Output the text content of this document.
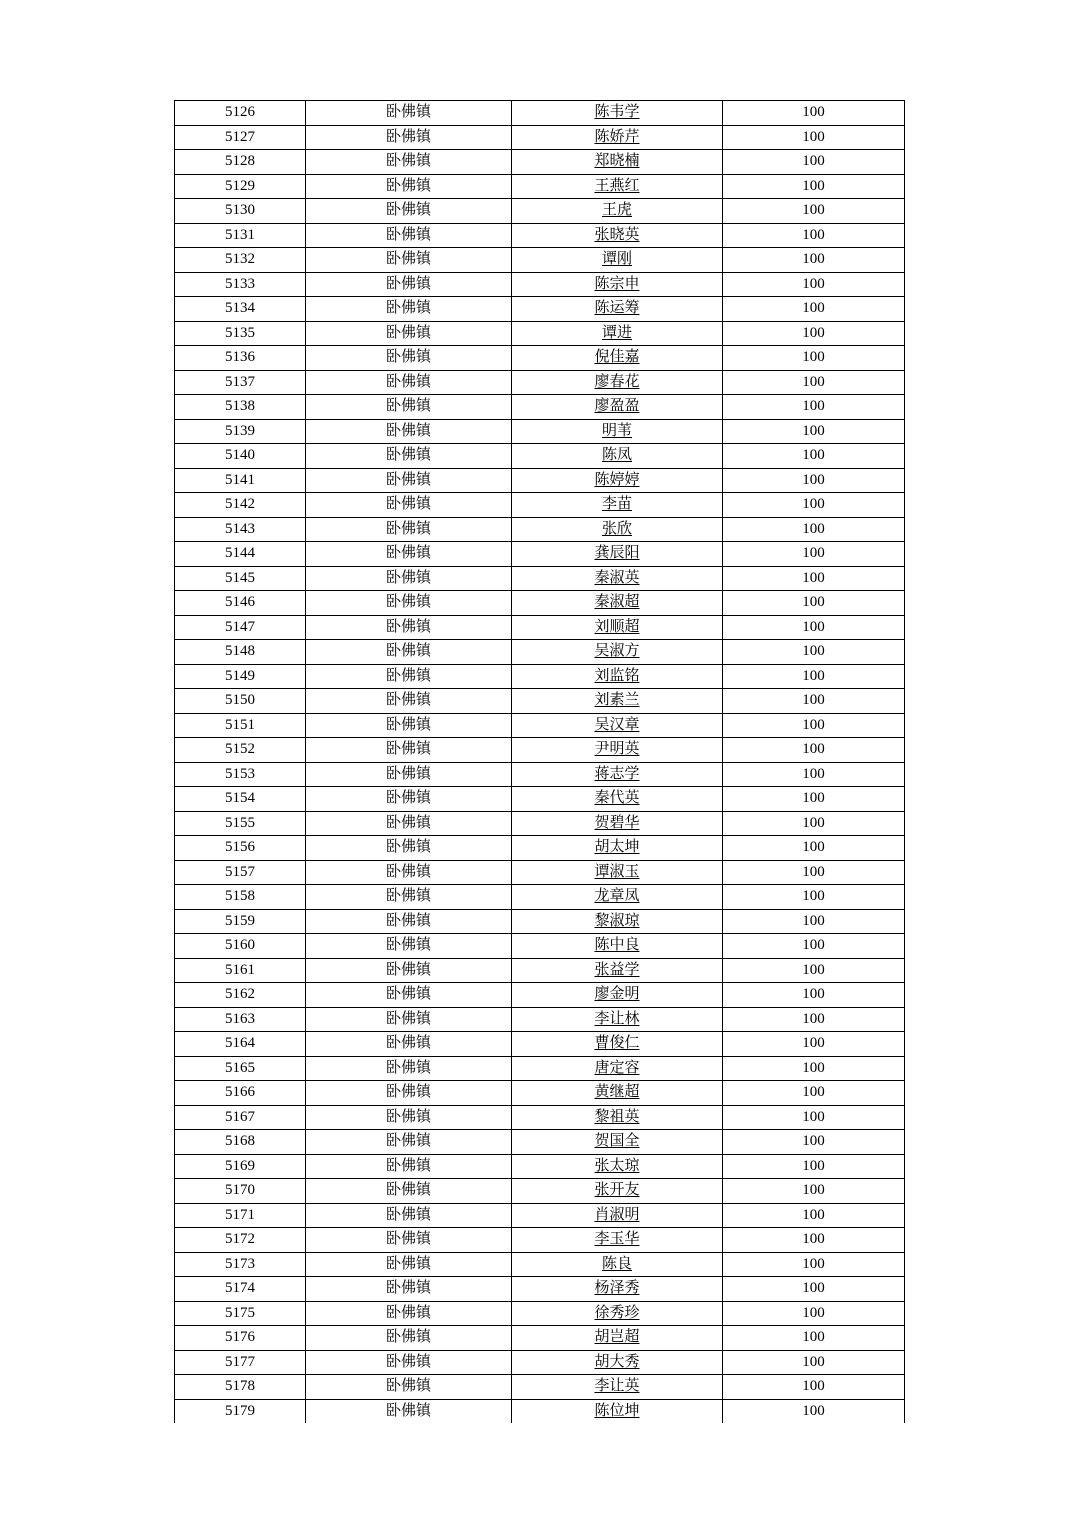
5126	卧佛镇	陈韦学	100
5127	卧佛镇	陈娇芹	100
5128	卧佛镇	郑晓楠	100
5129	卧佛镇	王燕红	100
5130	卧佛镇	王虎	100
5131	卧佛镇	张晓英	100
5132	卧佛镇	谭刚	100
5133	卧佛镇	陈宗申	100
5134	卧佛镇	陈运筹	100
5135	卧佛镇	谭进	100
5136	卧佛镇	倪佳嘉	100
5137	卧佛镇	廖春花	100
5138	卧佛镇	廖盈盈	100
5139	卧佛镇	明苇	100
5140	卧佛镇	陈凤	100
5141	卧佛镇	陈婷婷	100
5142	卧佛镇	李苗	100
5143	卧佛镇	张欣	100
5144	卧佛镇	龚辰阳	100
5145	卧佛镇	秦淑英	100
5146	卧佛镇	秦淑超	100
5147	卧佛镇	刘顺超	100
5148	卧佛镇	吴淑方	100
5149	卧佛镇	刘监铭	100
5150	卧佛镇	刘素兰	100
5151	卧佛镇	吴汉章	100
5152	卧佛镇	尹明英	100
5153	卧佛镇	蒋志学	100
5154	卧佛镇	秦代英	100
5155	卧佛镇	贺碧华	100
5156	卧佛镇	胡太坤	100
5157	卧佛镇	谭淑玉	100
5158	卧佛镇	龙章凤	100
5159	卧佛镇	黎淑琼	100
5160	卧佛镇	陈中良	100
5161	卧佛镇	张益学	100
5162	卧佛镇	廖金明	100
5163	卧佛镇	李让林	100
5164	卧佛镇	曹俊仁	100
5165	卧佛镇	唐定容	100
5166	卧佛镇	黄继超	100
5167	卧佛镇	黎祖英	100
5168	卧佛镇	贺国全	100
5169	卧佛镇	张太琼	100
5170	卧佛镇	张开友	100
5171	卧佛镇	肖淑明	100
5172	卧佛镇	李玉华	100
5173	卧佛镇	陈良	100
5174	卧佛镇	杨泽秀	100
5175	卧佛镇	徐秀珍	100
5176	卧佛镇	胡岂超	100
5177	卧佛镇	胡大秀	100
5178	卧佛镇	李让英	100
5179	卧佛镇	陈位坤	100
